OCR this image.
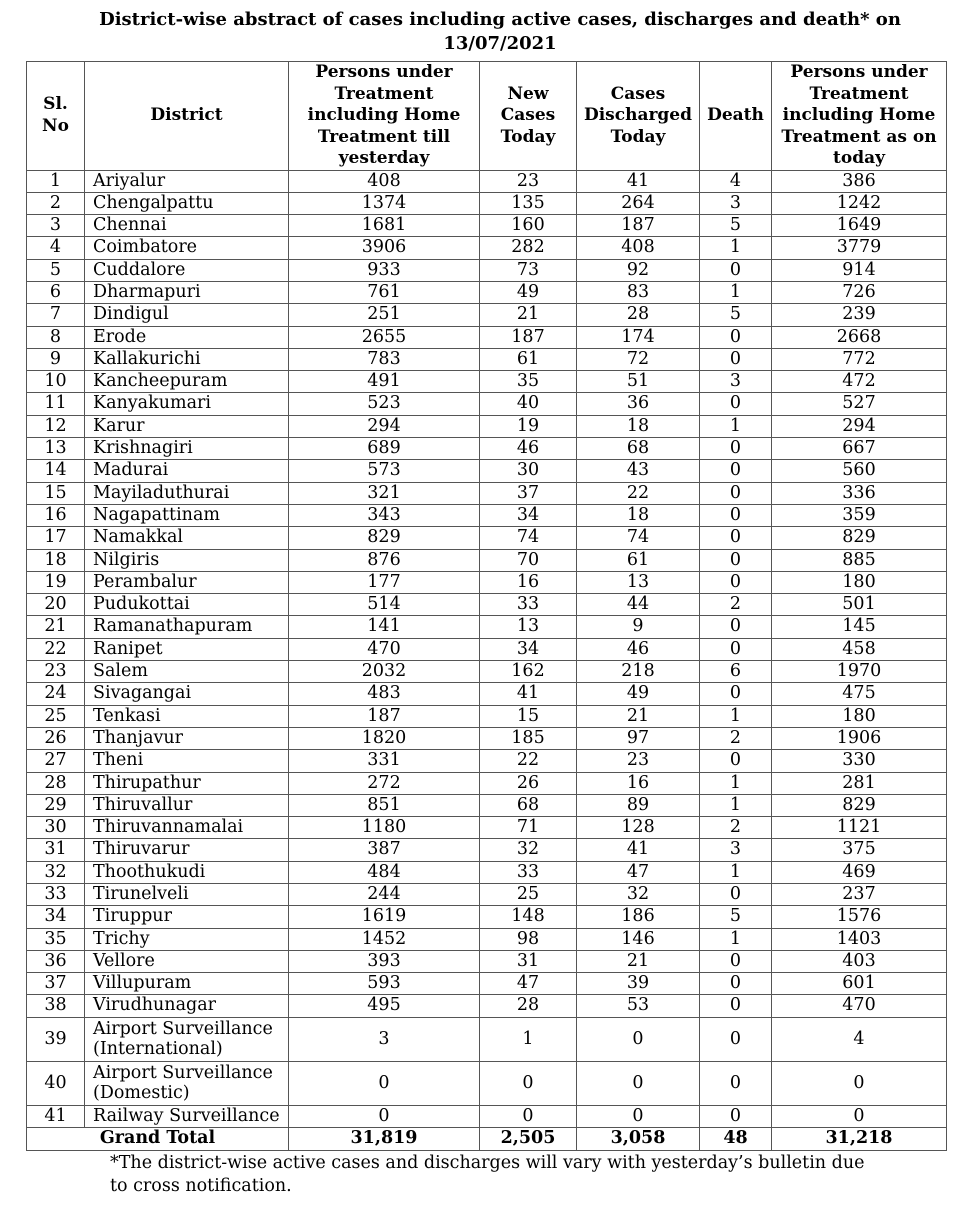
District-wise abstract of cases including active cases, discharges and death* on
13/07/2021
Sl. No	District	Persons under Treatment including Home Treatment till yesterday	New Cases Today	Cases Discharged Today	Death	Persons under Treatment including Home Treatment as on today
1	Ariyalur	408	23	41	4	386
2	Chengalpattu	1374	135	264	3	1242
3	Chennai	1681	160	187	5	1649
4	Coimbatore	3906	282	408	1	3779
5	Cuddalore	933	73	92	0	914
6	Dharmapuri	761	49	83	1	726
7	Dindigul	251	21	28	5	239
8	Erode	2655	187	174	0	2668
9	Kallakurichi	783	61	72	0	772
10	Kancheepuram	491	35	51	3	472
11	Kanyakumari	523	40	36	0	527
12	Karur	294	19	18	1	294
13	Krishnagiri	689	46	68	0	667
14	Madurai	573	30	43	0	560
15	Mayiladuthurai	321	37	22	0	336
16	Nagapattinam	343	34	18	0	359
17	Namakkal	829	74	74	0	829
18	Nilgiris	876	70	61	0	885
19	Perambalur	177	16	13	0	180
20	Pudukottai	514	33	44	2	501
21	Ramanathapuram	141	13	9	0	145
22	Ranipet	470	34	46	0	458
23	Salem	2032	162	218	6	1970
24	Sivagangai	483	41	49	0	475
25	Tenkasi	187	15	21	1	180
26	Thanjavur	1820	185	97	2	1906
27	Theni	331	22	23	0	330
28	Thirupathur	272	26	16	1	281
29	Thiruvallur	851	68	89	1	829
30	Thiruvannamalai	1180	71	128	2	1121
31	Thiruvarur	387	32	41	3	375
32	Thoothukudi	484	33	47	1	469
33	Tirunelveli	244	25	32	0	237
34	Tiruppur	1619	148	186	5	1576
35	Trichy	1452	98	146	1	1403
36	Vellore	393	31	21	0	403
37	Villupuram	593	47	39	0	601
38	Virudhunagar	495	28	53	0	470
39	Airport Surveillance (International)	3	1	0	0	4
40	Airport Surveillance (Domestic)	0	0	0	0	0
41	Railway Surveillance	0	0	0	0	0
Grand Total		31,819	2,505	3,058	48	31,218
*The district-wise active cases and discharges will vary with yesterday’s bulletin due to cross notification.
